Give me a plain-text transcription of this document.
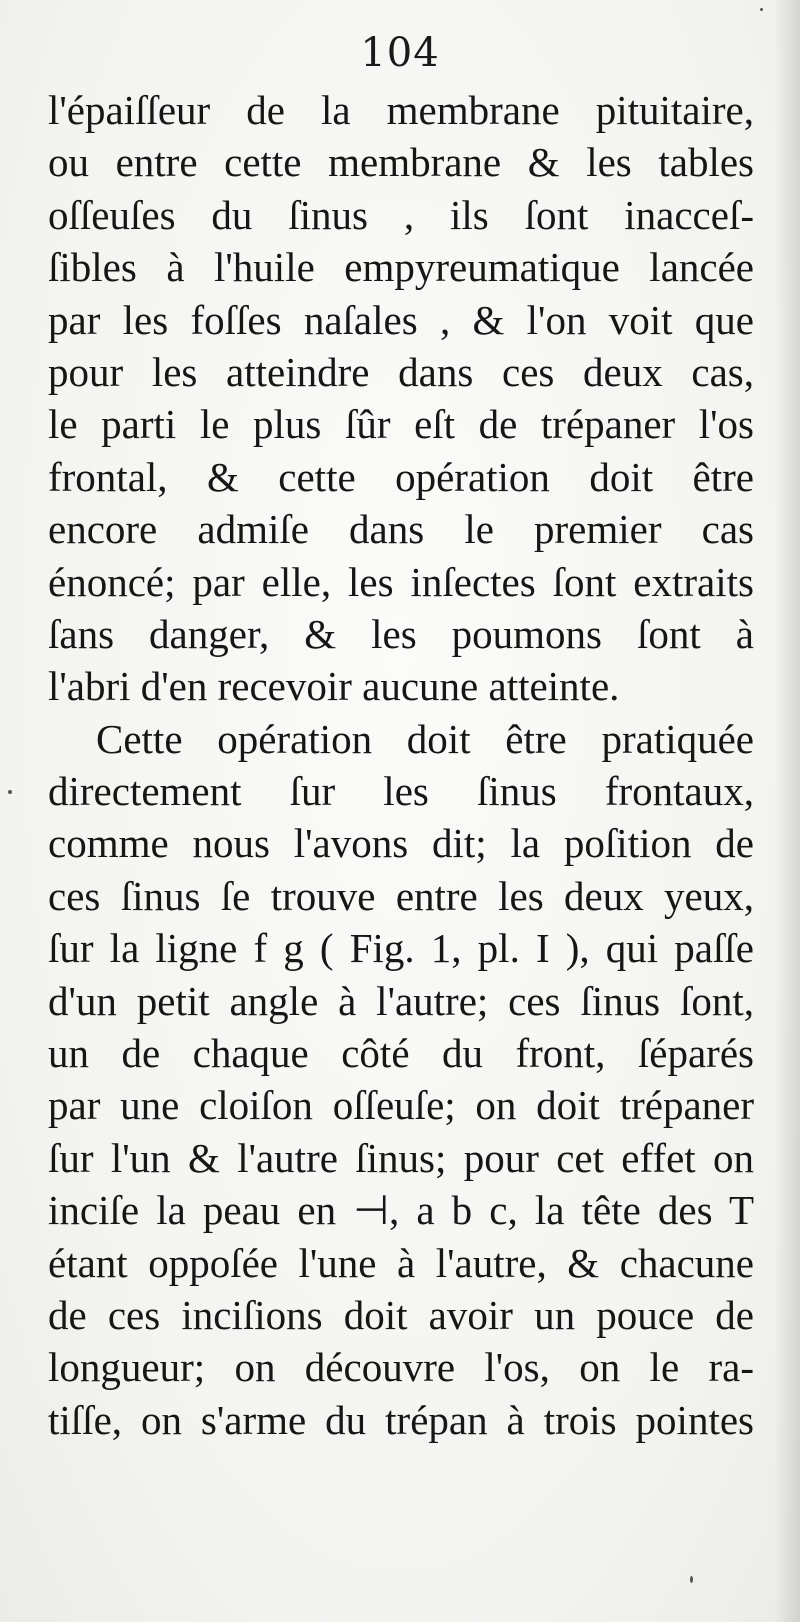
104
l'épaiſſeur de la membrane pituitaire,
ou entre cette membrane & les tables
oſſeuſes du ſinus , ils ſont inacceſ-
ſibles à l'huile empyreumatique lancée
par les foſſes naſales , & l'on voit que
pour les atteindre dans ces deux cas,
le parti le plus ſûr eſt de trépaner l'os
frontal, & cette opération doit être
encore admiſe dans le premier cas
énoncé; par elle, les inſectes ſont extraits
ſans danger, & les poumons ſont à
l'abri d'en recevoir aucune atteinte.
Cette opération doit être pratiquée
directement ſur les ſinus frontaux,
comme nous l'avons dit; la poſition de
ces ſinus ſe trouve entre les deux yeux,
ſur la ligne f g ( Fig. 1, pl. I ), qui paſſe
d'un petit angle à l'autre; ces ſinus ſont,
un de chaque côté du front, ſéparés
par une cloiſon oſſeuſe; on doit trépaner
ſur l'un & l'autre ſinus; pour cet effet on
inciſe la peau en ⊣, a b c, la tête des T
étant oppoſée l'une à l'autre, & chacune
de ces inciſions doit avoir un pouce de
longueur; on découvre l'os, on le ra-
tiſſe, on s'arme du trépan à trois pointes
